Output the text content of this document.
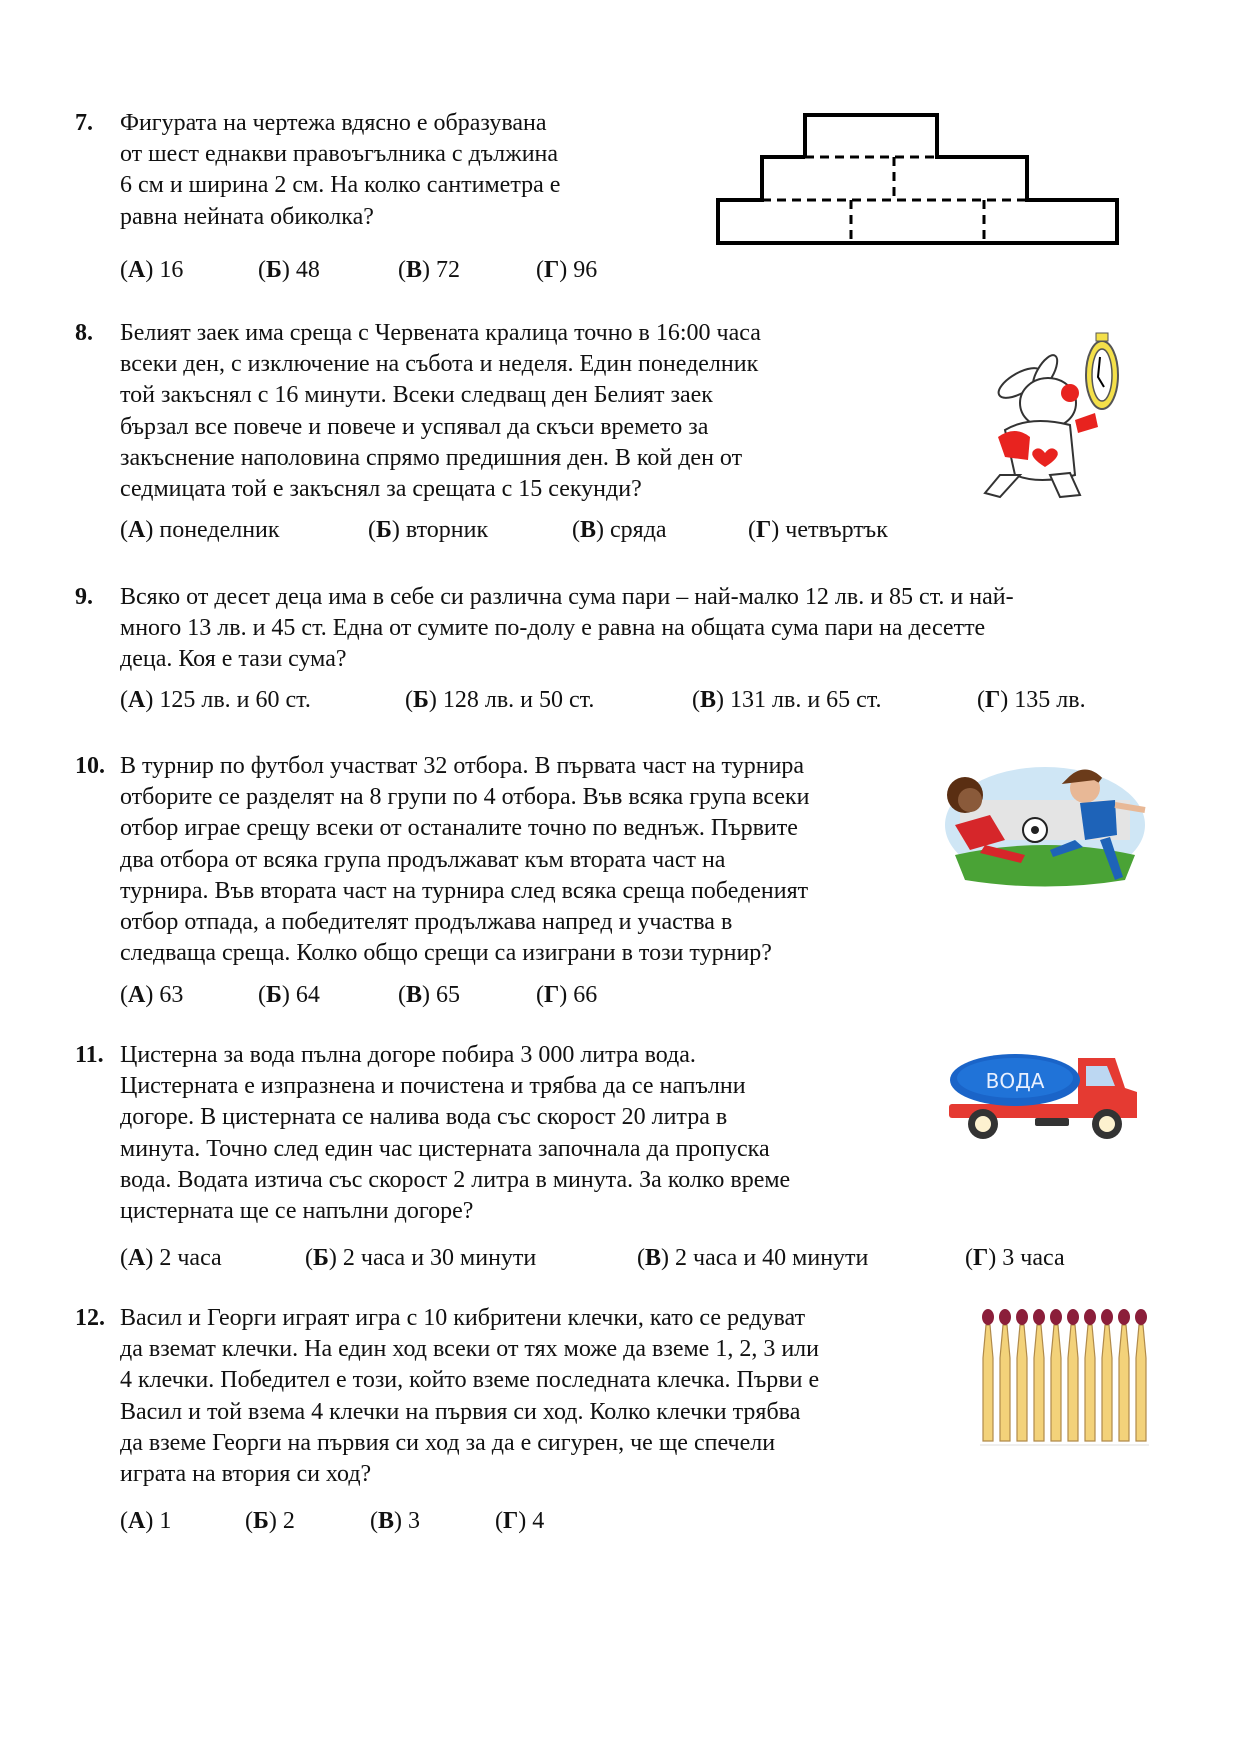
7. Фигурата на чертежа вдясно е образувана
от шест еднакви правоъгълника с дължина
6 см и ширина 2 см. На колко сантиметра е
равна нейната обиколка?
(А) 16	(Б) 48	(В) 72	(Г) 96
8. Белият заек има среща с Червената кралица точно в 16:00 часа
всеки ден, с изключение на събота и неделя. Един понеделник
той закъснял с 16 минути. Всеки следващ ден Белият заек
бързал все повече и повече и успявал да скъси времето за
закъснение наполовина спрямо предишния ден. В кой ден от
седмицата той е закъснял за срещата с 15 секунди?
(А) понеделник	(Б) вторник	(В) сряда	(Г) четвъртък
9. Всяко от десет деца има в себе си различна сума пари – най-малко 12 лв. и 85 ст. и най-
много 13 лв. и 45 ст. Една от сумите по-долу е равна на общата сума пари на десетте
деца. Коя е тази сума?
(А) 125 лв. и 60 ст.	(Б) 128 лв. и 50 ст.	(В) 131 лв. и 65 ст.	(Г) 135 лв.
10. В турнир по футбол участват 32 отбора. В първата част на турнира
отборите се разделят на 8 групи по 4 отбора. Във всяка група всеки
отбор играе срещу всеки от останалите точно по веднъж. Първите
два отбора от всяка група продължават към втората част на
турнира. Във втората част на турнира след всяка среща победеният
отбор отпада, а победителят продължава напред и участва в
следваща среща. Колко общо срещи са изиграни в този турнир?
(А) 63	(Б) 64	(В) 65	(Г) 66
11. Цистерна за вода пълна догоре побира 3 000 литра вода.
Цистерната е изпразнена и почистена и трябва да се напълни
догоре. В цистерната се налива вода със скорост 20 литра в
минута. Точно след един час цистерната започнала да пропуска
вода. Водата изтича със скорост 2 литра в минута. За колко време
цистерната ще се напълни догоре?
(А) 2 часа	(Б) 2 часа и 30 минути	(В) 2 часа и 40 минути	(Г) 3 часа
ВОДА
12. Васил и Георги играят игра с 10 кибритени клечки, като се редуват
да вземат клечки. На един ход всеки от тях може да вземе 1, 2, 3 или
4 клечки. Победител е този, който вземе последната клечка. Първи е
Васил и той взема 4 клечки на първия си ход. Колко клечки трябва
да вземе Георги на първия си ход за да е сигурен, че ще спечели
играта на втория си ход?
(А) 1	(Б) 2	(В) 3	(Г) 4
